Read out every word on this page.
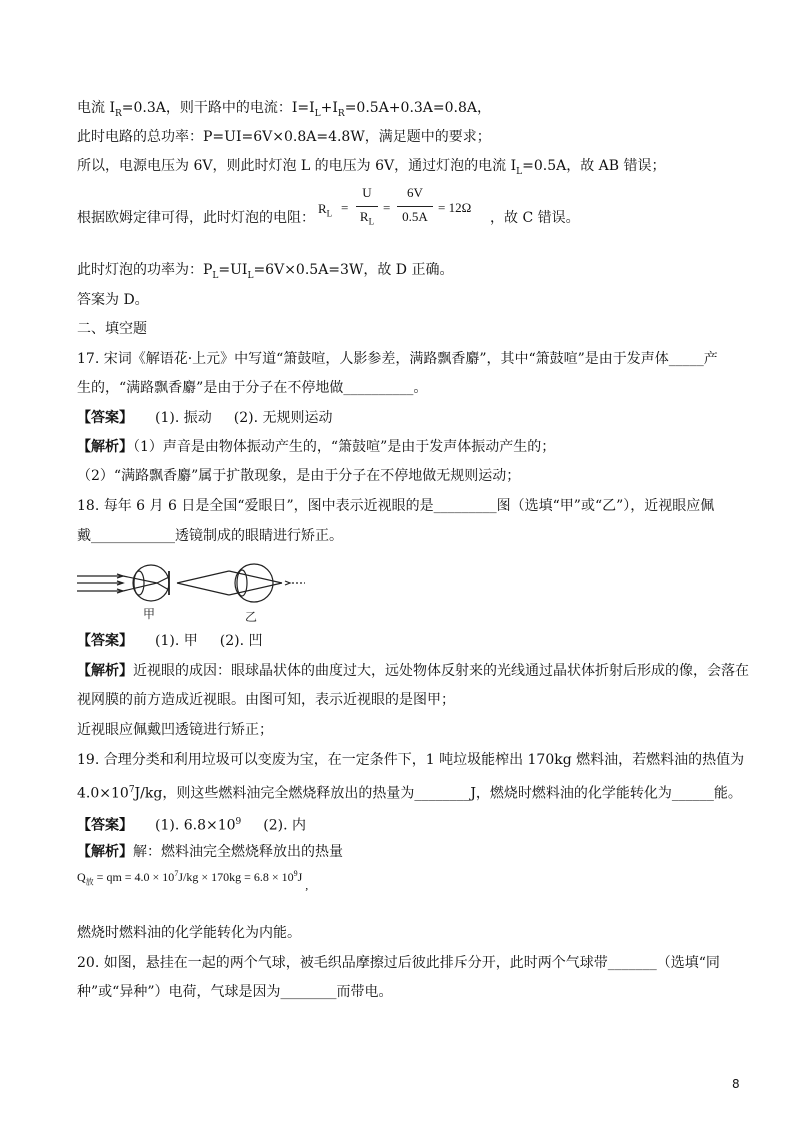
电流 $I_R=0.3A$，则干路中的电流：$I=I_L+I_R=0.5A+0.3A=0.8A$，
此时电路的总功率：P=UI=6V×0.8A=4.8W，满足题中的要求；
所以，电源电压为 6V，则此时灯泡 L 的电压为 6V，通过灯泡的电流 $I_L=0.5A$，故 AB 错误；
根据欧姆定律可得，此时灯泡的电阻：
$R_L$ =
U
$R_L$
=
6V
0.5A
= 12Ω
，故 C 错误。
此时灯泡的功率为：$P_L=UI_L=6V\times 0.5A=3W$，故 D 正确。
答案为 D。
二、填空题
17. 宋词《解语花·上元》中写道“箫鼓喧，人影参差，满路飘香麝”，其中“箫鼓喧”是由于发声体_____产
生的，“满路飘香麝”是由于分子在不停地做__________。
【答案】 (1). 振动 (2). 无规则运动
【解析】（1）声音是由物体振动产生的，“箫鼓喧”是由于发声体振动产生的；
（2）“满路飘香麝”属于扩散现象，是由于分子在不停地做无规则运动；
18. 每年 6 月 6 日是全国“爱眼日”，图中表示近视眼的是_________图（选填“甲”或“乙”），近视眼应佩
戴____________透镜制成的眼睛进行矫正。
甲	乙
【答案】 (1). 甲 (2). 凹
【解析】近视眼的成因：眼球晶状体的曲度过大，远处物体反射来的光线通过晶状体折射后形成的像，会落在
视网膜的前方造成近视眼。由图可知，表示近视眼的是图甲；
近视眼应佩戴凹透镜进行矫正；
19. 合理分类和利用垃圾可以变废为宝，在一定条件下，1 吨垃圾能榨出 170kg 燃料油，若燃料油的热值为
$4.0\times 10^7J/kg$，则这些燃料油完全燃烧释放出的热量为________J，燃烧时燃料油的化学能转化为______能。
【答案】 (1). $6.8\times 10^9$ (2). 内
【解析】解：燃料油完全燃烧释放出的热量
$Q_放$ = qm = $4.0 \times 10^7J/kg \times 170kg = 6.8 \times 10^9J$ ,
燃烧时燃料油的化学能转化为内能。
20. 如图，悬挂在一起的两个气球，被毛织品摩擦过后彼此排斥分开，此时两个气球带_______（选填“同
种”或“异种”）电荷，气球是因为________而带电。
8
